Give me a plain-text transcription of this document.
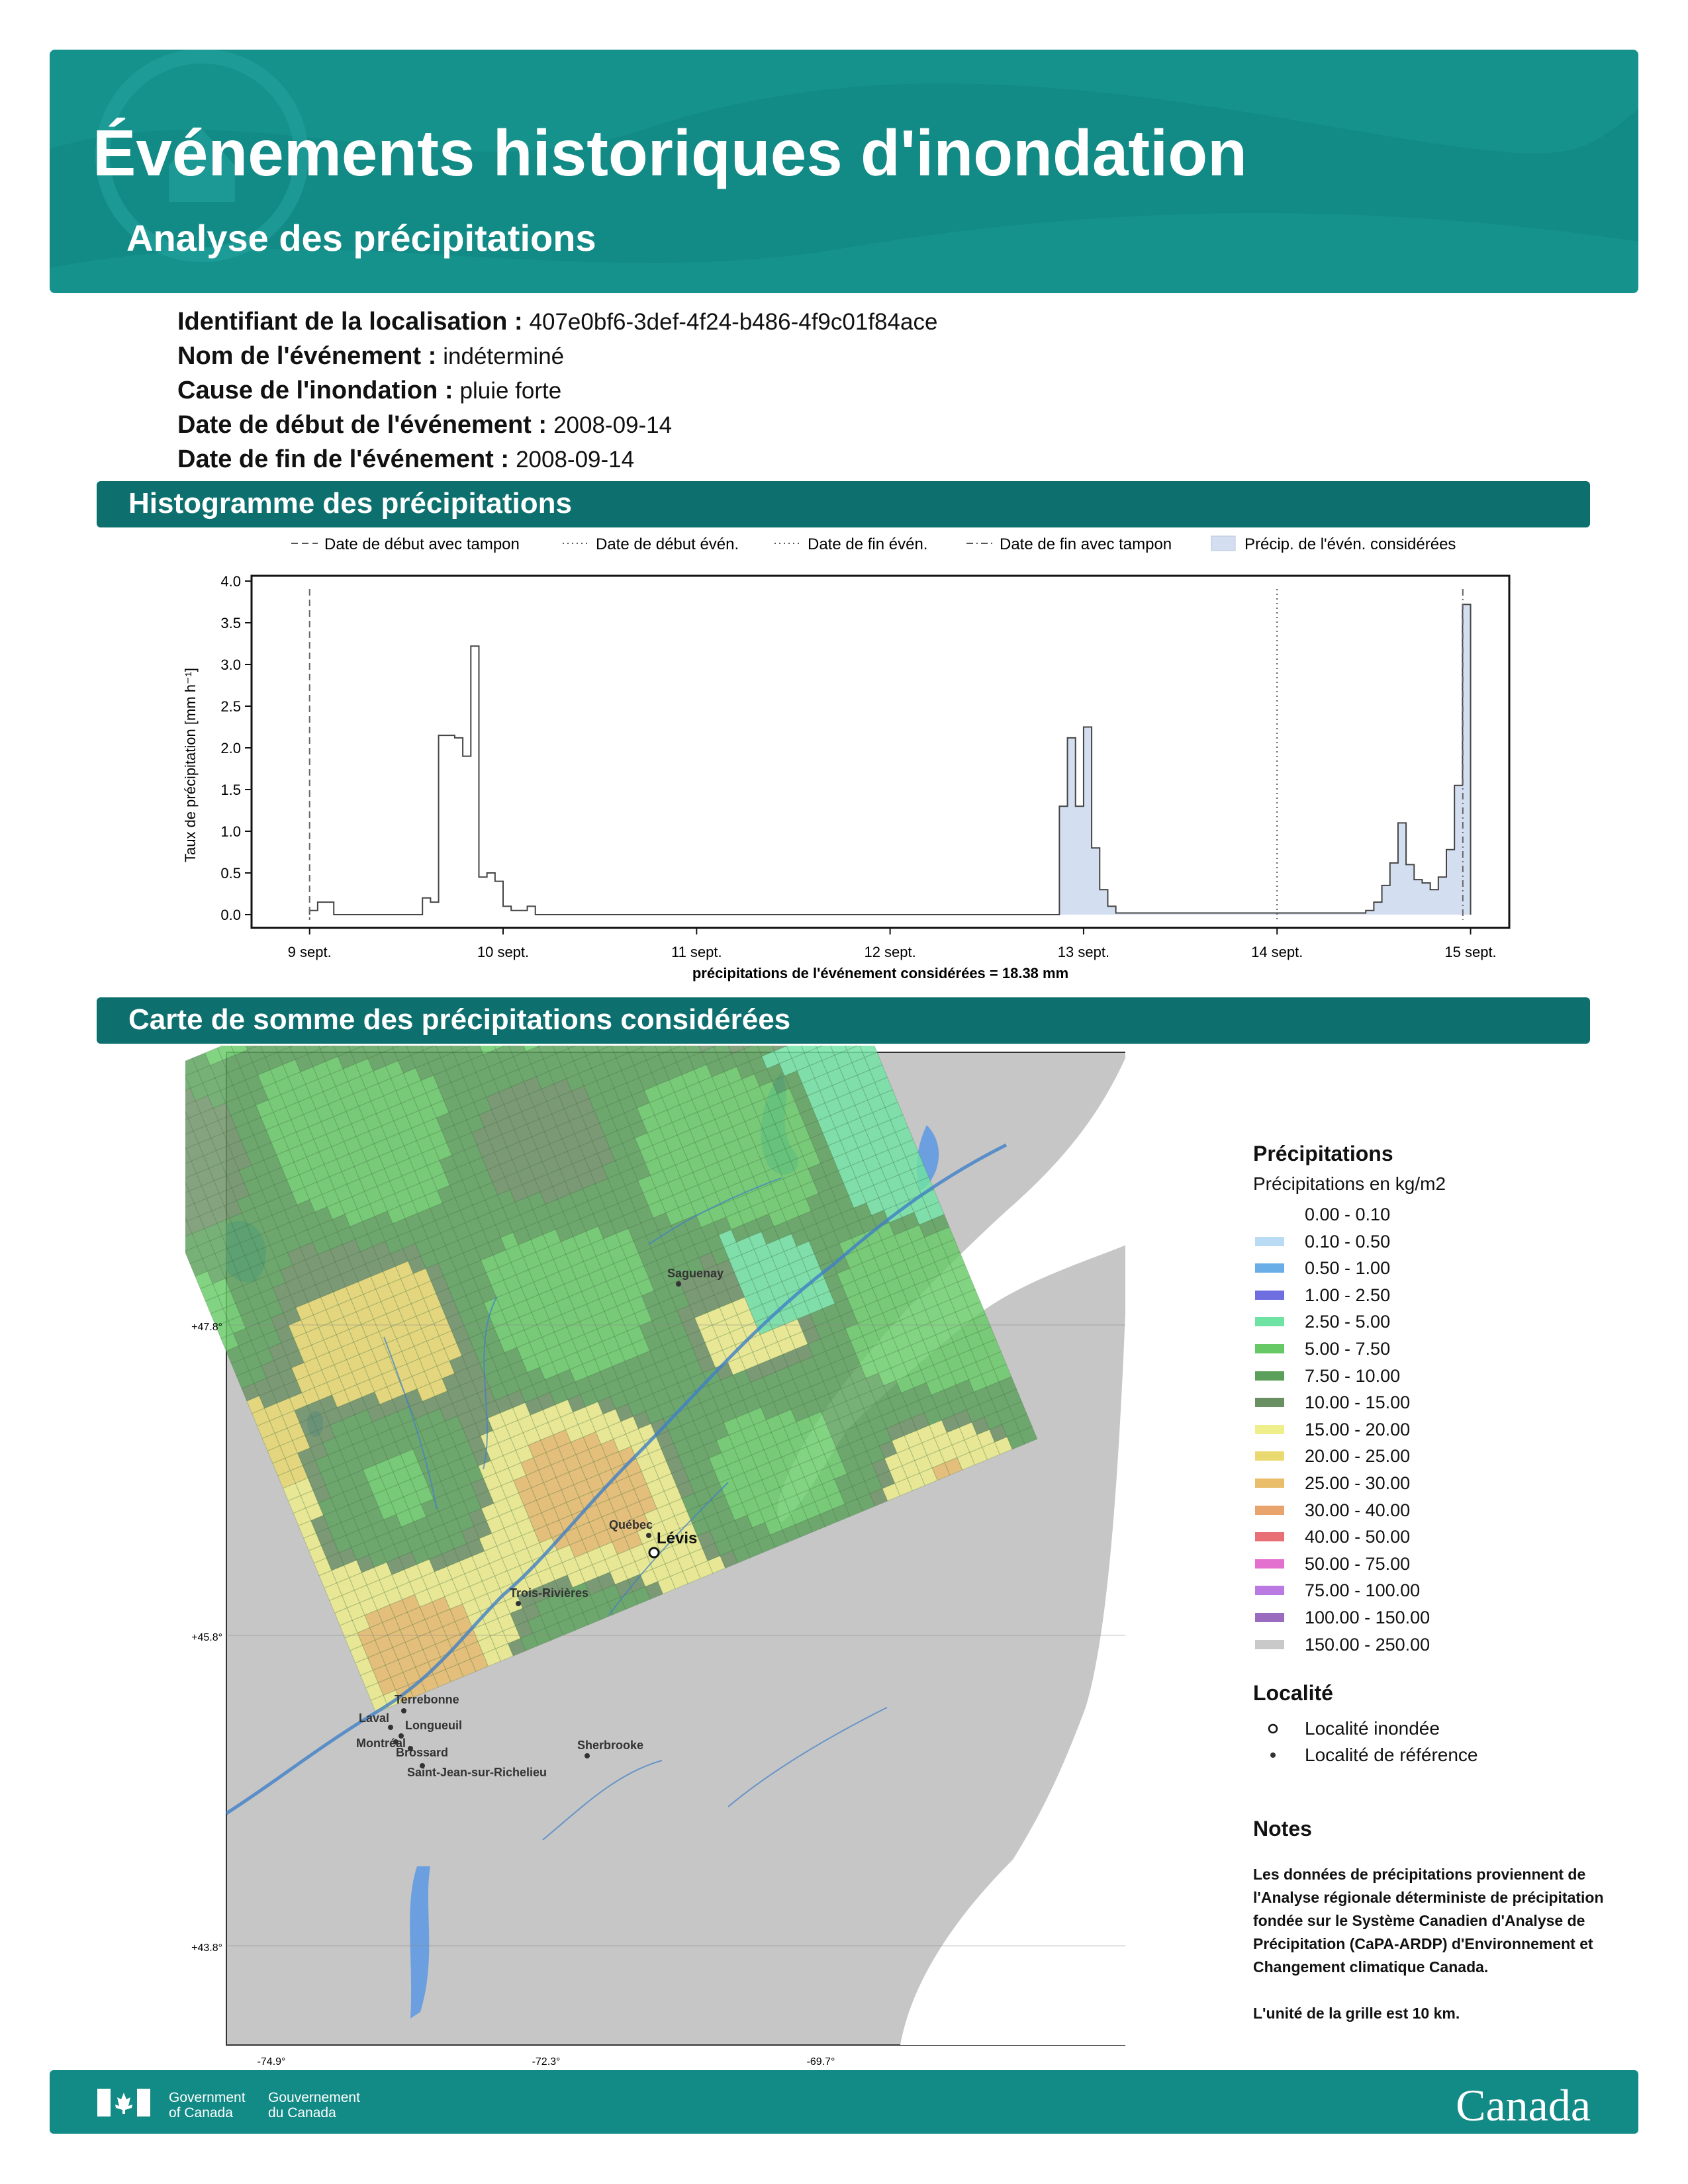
Événements historiques d'inondation
Analyse des précipitations
Identifiant de la localisation : 407e0bf6-3def-4f24-b486-4f9c01f84ace
Nom de l'événement : indéterminé
Cause de l'inondation : pluie forte
Date de début de l'événement : 2008-09-14
Date de fin de l'événement : 2008-09-14
Histogramme des précipitations
Date de début avec tampon	Date de début évén.	Date de fin évén.	Date de fin avec tampon	Précip. de l'évén. considérées
0.0
0.5
1.0
1.5
2.0
2.5
3.0
3.5
4.0
9 sept.	10 sept.	11 sept.	12 sept.	13 sept.	14 sept.	15 sept.
Taux de précipitation [mm h⁻¹]
précipitations de l'événement considérées = 18.38 mm
Carte de somme des précipitations considérées
+47.8°
+45.8°
+43.8°
-74.9°	-72.3°	-69.7°
Saguenay
Québec
Lévis
Trois-Rivières
Terrebonne
Laval
Longueuil
Montréal
Brossard
Saint-Jean-sur-Richelieu
Sherbrooke
Précipitations
Précipitations en kg/m2
0.00 - 0.10
0.10 - 0.50
0.50 - 1.00
1.00 - 2.50
2.50 - 5.00
5.00 - 7.50
7.50 - 10.00
10.00 - 15.00
15.00 - 20.00
20.00 - 25.00
25.00 - 30.00
30.00 - 40.00
40.00 - 50.00
50.00 - 75.00
75.00 - 100.00
100.00 - 150.00
150.00 - 250.00
Localité
Localité inondée
Localité de référence
Notes

Les données de précipitations proviennent de l'Analyse régionale déterministe de précipitation fondée sur le Système Canadien d'Analyse de Précipitation (CaPA-ARDP) d'Environnement et Changement climatique Canada.

L'unité de la grille est 10 km.

Government
of Canada
Gouvernement
du Canada	Canada
